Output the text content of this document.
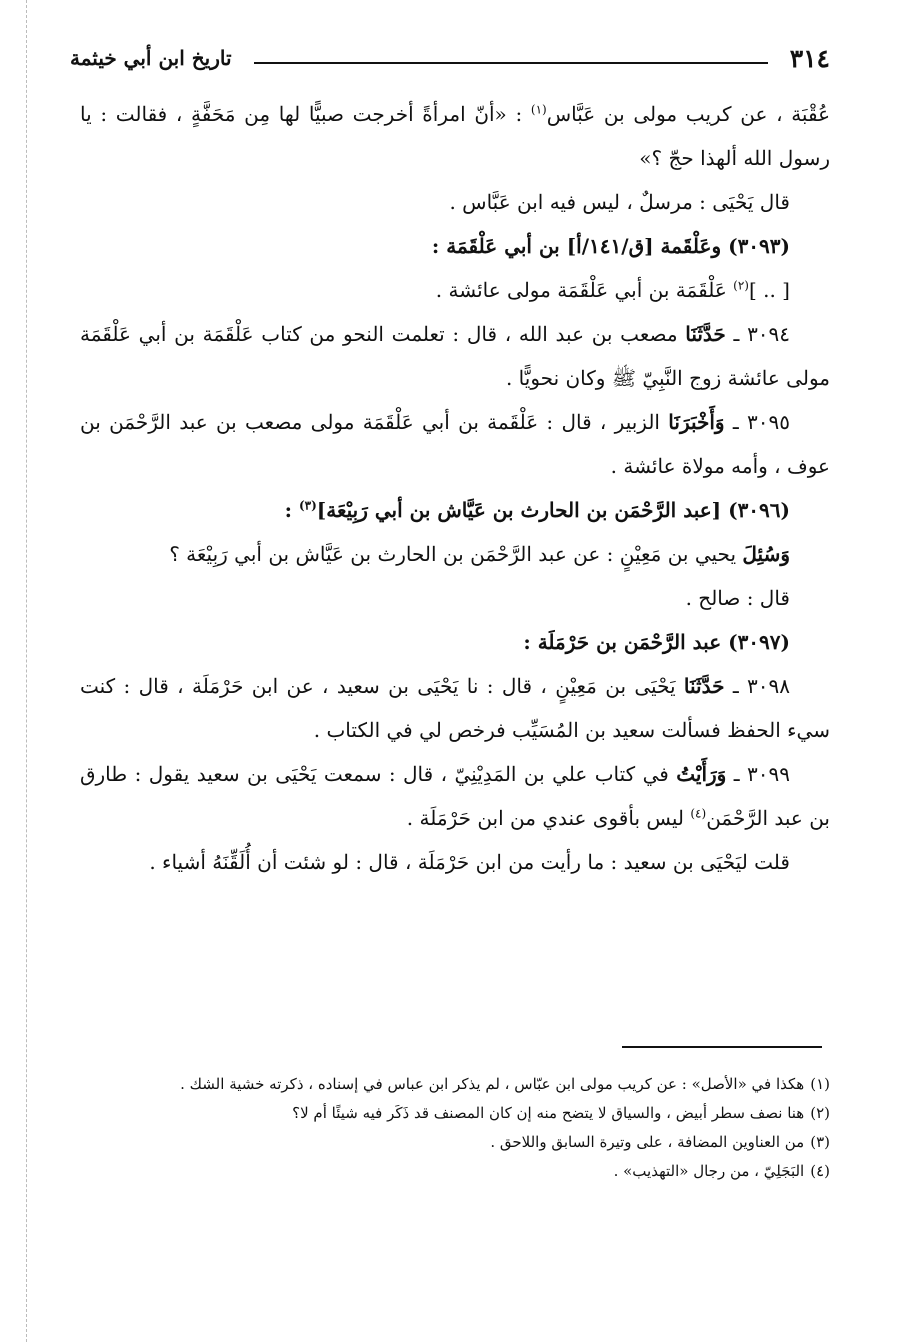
٣١٤
تاريخ ابن أبي خيثمة

عُقْبَة ، عن كريب مولى بن عَبَّاس$^{(١)}$ : «أنّ امرأةً أخرجت صبيًّا لها مِن مَحَفَّةٍ ، فقالت : يا رسول الله ألهذا حجّ ؟»

قال يَحْيَى : مرسلٌ ، ليس فيه ابن عَبَّاس .

(٣٠٩٣) وعَلْقَمة [ق/١٤١/أ] بن أبي عَلْقَمَة :

[ .. ]$^{(٢)}$ عَلْقَمَة بن أبي عَلْقَمَة مولى عائشة .

٣٠٩٤ ـ حَدَّثَنَا مصعب بن عبد الله ، قال : تعلمت النحو من كتاب عَلْقَمَة بن أبي عَلْقَمَة مولى عائشة زوج النَّبِيّ ﷺ وكان نحويًّا .

٣٠٩٥ ـ وَأَخْبَرَنَا الزبير ، قال : عَلْقَمة بن أبي عَلْقَمَة مولى مصعب بن عبد الرَّحْمَن بن عوف ، وأمه مولاة عائشة .

(٣٠٩٦) [عبد الرَّحْمَن بن الحارث بن عَيَّاش بن أبي رَبِيْعَة]$^{(٣)}$ :

وَسُئِلَ يحيي بن مَعِيْنٍ : عن عبد الرَّحْمَن بن الحارث بن عَيَّاش بن أبي رَبِيْعَة ؟

قال : صالح .

(٣٠٩٧) عبد الرَّحْمَن بن حَرْمَلَة :

٣٠٩٨ ـ حَدَّثَنَا يَحْيَى بن مَعِيْنٍ ، قال : نا يَحْيَى بن سعيد ، عن ابن حَرْمَلَة ، قال : كنت سيء الحفظ فسألت سعيد بن المُسَيِّب فرخص لي في الكتاب .

٣٠٩٩ ـ وَرَأَيْتُ في كتاب علي بن المَدِيْنِيّ ، قال : سمعت يَحْيَى بن سعيد يقول : طارق بن عبد الرَّحْمَن$^{(٤)}$ ليس بأقوى عندي من ابن حَرْمَلَة .

قلت ليَحْيَى بن سعيد : ما رأيت من ابن حَرْمَلَة ، قال : لو شئت أن أُلَقِّنَهُ أشياء .

(١)هكذا في «الأصل» : عن كريب مولى ابن عبّاس ، لم يذكر ابن عباس في إسناده ، ذكرته خشية الشك .

(٢)هنا نصف سطر أبيض ، والسياق لا يتضح منه إن كان المصنف قد ذَكَر فيه شيئًا أم لا؟

(٣)من العناوين المضافة ، على وتيرة السابق واللاحق .

(٤)البَجَلِيّ ، من رجال «التهذيب» .
